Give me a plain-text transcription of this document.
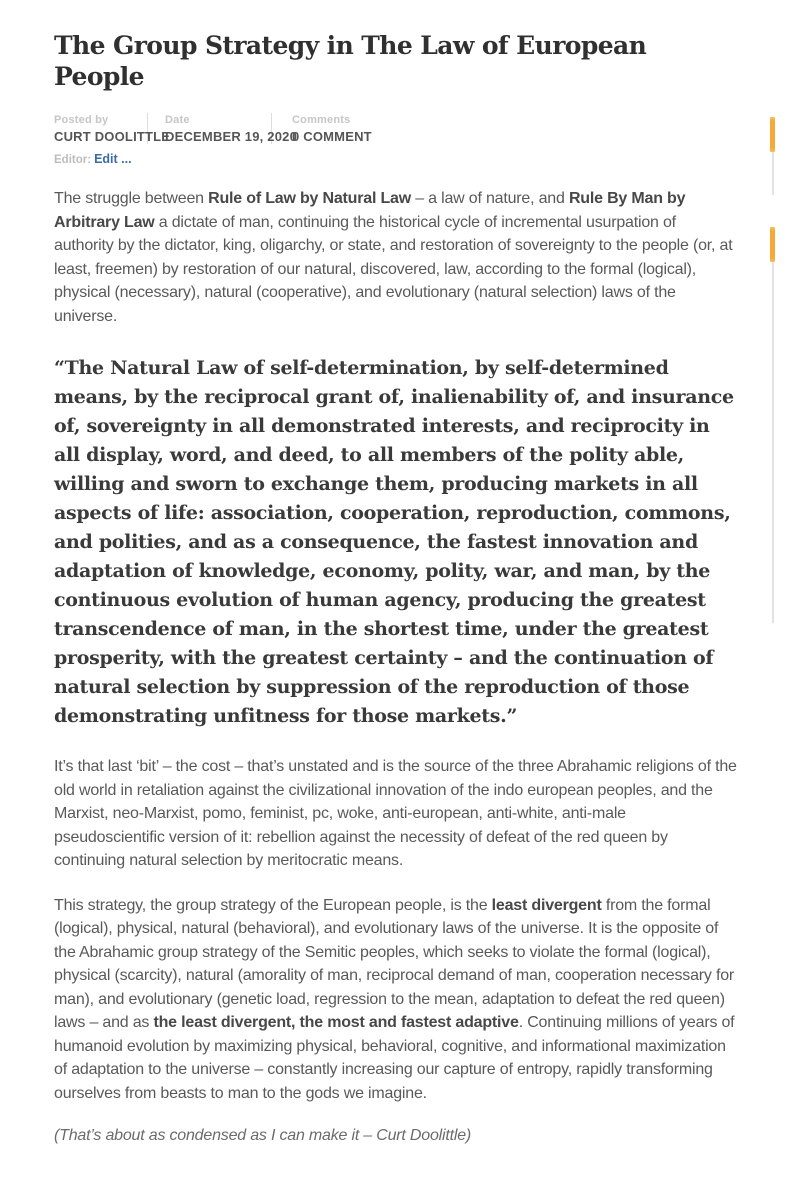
The Group Strategy in The Law of European People
Posted by
CURT DOOLITTLE
Date
DECEMBER 19, 2020
Comments
0 COMMENT
Editor: Edit ...

The struggle between Rule of Law by Natural Law – a law of nature, and Rule By Man by Arbitrary Law a dictate of man, continuing the historical cycle of incremental usurpation of authority by the dictator, king, oligarchy, or state, and restoration of sovereignty to the people (or, at least, freemen) by restoration of our natural, discovered, law, according to the formal (logical), physical (necessary), natural (cooperative), and evolutionary (natural selection) laws of the universe.

“The Natural Law of self-determination, by self-determined means, by the reciprocal grant of, inalienability of, and insurance of, sovereignty in all demonstrated interests, and reciprocity in all display, word, and deed, to all members of the polity able, willing and sworn to exchange them, producing markets in all aspects of life: association, cooperation, reproduction, commons, and polities, and as a consequence, the fastest innovation and adaptation of knowledge, economy, polity, war, and man, by the continuous evolution of human agency, producing the greatest transcendence of man, in the shortest time, under the greatest prosperity, with the greatest certainty – and the continuation of natural selection by suppression of the reproduction of those demonstrating unfitness for those markets.”

It’s that last ‘bit’ – the cost – that’s unstated and is the source of the three Abrahamic religions of the old world in retaliation against the civilizational innovation of the indo european peoples, and the Marxist, neo-Marxist, pomo, feminist, pc, woke, anti-european, anti-white, anti-male pseudoscientific version of it: rebellion against the necessity of defeat of the red queen by continuing natural selection by meritocratic means.

This strategy, the group strategy of the European people, is the least divergent from the formal (logical), physical, natural (behavioral), and evolutionary laws of the universe. It is the opposite of the Abrahamic group strategy of the Semitic peoples, which seeks to violate the formal (logical), physical (scarcity), natural (amorality of man, reciprocal demand of man, cooperation necessary for man), and evolutionary (genetic load, regression to the mean, adaptation to defeat the red queen) laws – and as the least divergent, the most and fastest adaptive. Continuing millions of years of humanoid evolution by maximizing physical, behavioral, cognitive, and informational maximization of adaptation to the universe – constantly increasing our capture of entropy, rapidly transforming ourselves from beasts to man to the gods we imagine.

(That’s about as condensed as I can make it – Curt Doolittle)
